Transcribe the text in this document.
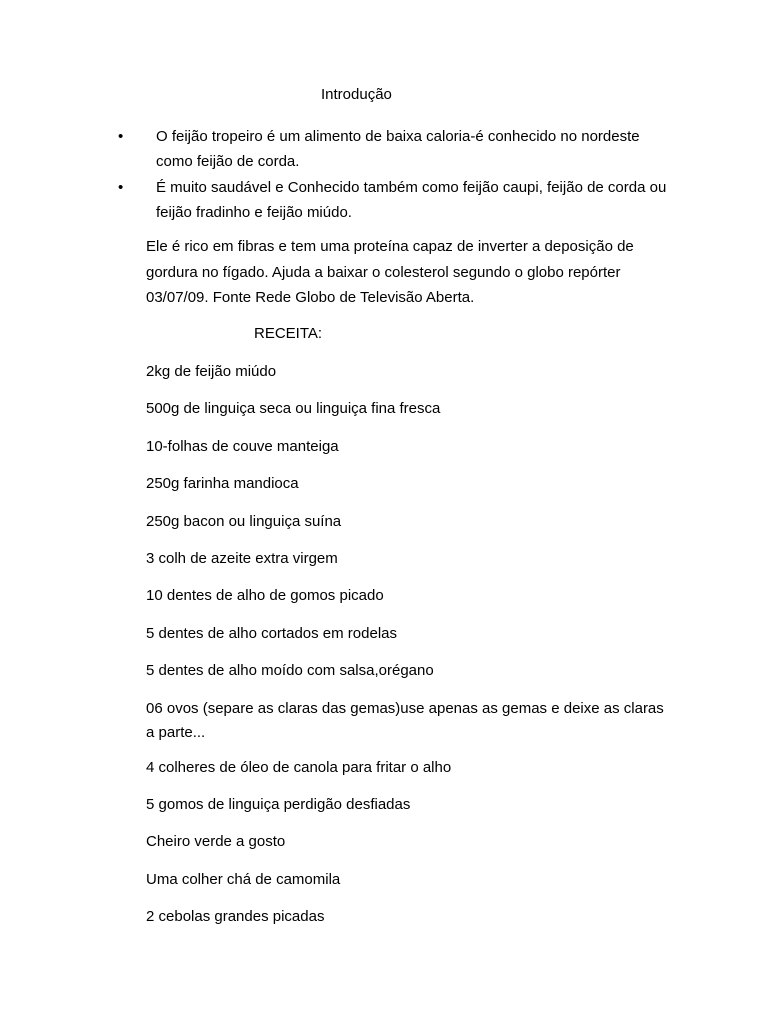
Introdução
• O feijão tropeiro é um alimento de baixa caloria-é conhecido no nordeste como feijão de corda.
• É muito saudável e Conhecido também como feijão caupi, feijão de corda ou feijão fradinho e feijão miúdo.
Ele é rico em fibras e tem uma proteína capaz de inverter a deposição de gordura no fígado. Ajuda a baixar o colesterol segundo o globo repórter 03/07/09. Fonte Rede Globo de Televisão Aberta.
RECEITA:
2kg de feijão miúdo
500g de linguiça seca ou linguiça fina fresca
10-folhas de couve manteiga
250g farinha mandioca
250g bacon ou linguiça suína
3 colh de azeite extra virgem
10 dentes de alho de gomos picado
5 dentes de alho cortados em rodelas
5 dentes de alho moído com salsa,orégano
06 ovos (separe as claras das gemas)use apenas as gemas e deixe as claras a parte...
4 colheres de óleo de canola para fritar o alho
5 gomos de linguiça perdigão desfiadas
Cheiro verde a gosto
Uma colher chá de camomila
2 cebolas grandes picadas
